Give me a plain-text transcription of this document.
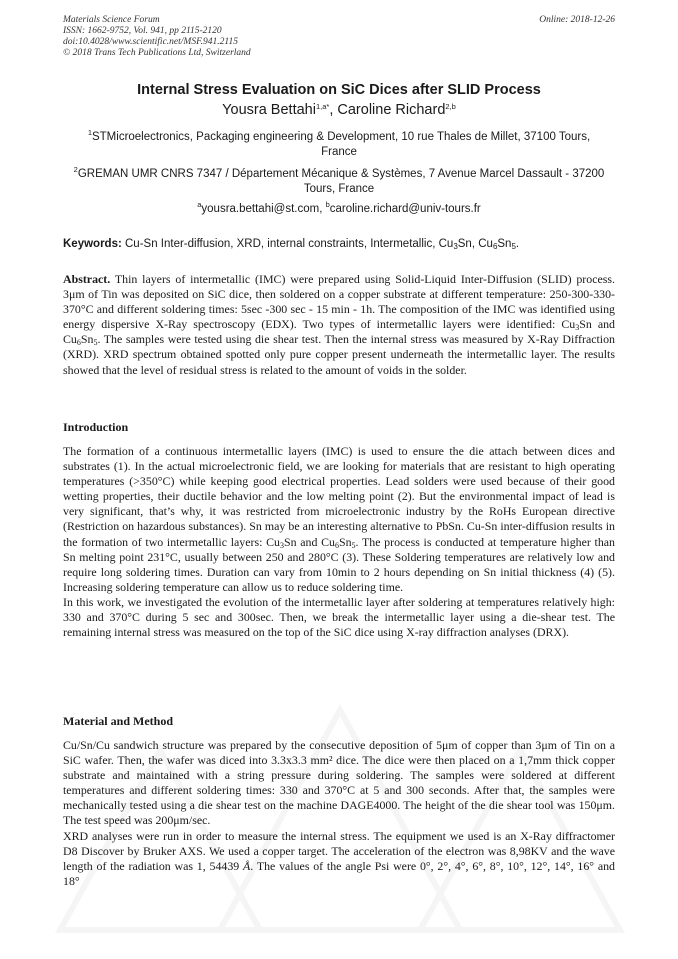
Materials Science Forum
ISSN: 1662-9752, Vol. 941, pp 2115-2120
doi:10.4028/www.scientific.net/MSF.941.2115
© 2018 Trans Tech Publications Ltd, Switzerland
Online: 2018-12-26
Internal Stress Evaluation on SiC Dices after SLID Process
Yousra Bettahi$^{1,a*}$, Caroline Richard$^{2,b}$
$^1$STMicroelectronics, Packaging engineering & Development, 10 rue Thales de Millet, 37100 Tours, France
$^2$GREMAN UMR CNRS 7347 / Département Mécanique & Systèmes, 7 Avenue Marcel Dassault - 37200 Tours, France
$^a$yousra.bettahi@st.com, $^b$caroline.richard@univ-tours.fr
Keywords: Cu-Sn Inter-diffusion, XRD, internal constraints, Intermetallic, $Cu_3Sn$, $Cu_6Sn_5$.

Abstract. Thin layers of intermetallic (IMC) were prepared using Solid-Liquid Inter-Diffusion (SLID) process. 3μm of Tin was deposited on SiC dice, then soldered on a copper substrate at different temperature: 250-300-330-370°C and different soldering times: 5sec -300 sec - 15 min - 1h. The composition of the IMC was identified using energy dispersive X-Ray spectroscopy (EDX). Two types of intermetallic layers were identified: $Cu_3Sn$ and $Cu_6Sn_5$. The samples were tested using die shear test. Then the internal stress was measured by X-Ray Diffraction (XRD). XRD spectrum obtained spotted only pure copper present underneath the intermetallic layer. The results showed that the level of residual stress is related to the amount of voids in the solder.

Introduction

The formation of a continuous intermetallic layers (IMC) is used to ensure the die attach between dices and substrates (1). In the actual microelectronic field, we are looking for materials that are resistant to high operating temperatures (>350°C) while keeping good electrical properties. Lead solders were used because of their good wetting properties, their ductile behavior and the low melting point (2). But the environmental impact of lead is very significant, that’s why, it was restricted from microelectronic industry by the RoHs European directive (Restriction on hazardous substances). Sn may be an interesting alternative to PbSn. Cu-Sn inter-diffusion results in the formation of two intermetallic layers: $Cu_3Sn$ and $Cu_6Sn_5$. The process is conducted at temperature higher than Sn melting point 231°C, usually between 250 and 280°C (3). These Soldering temperatures are relatively low and require long soldering times. Duration can vary from 10min to 2 hours depending on Sn initial thickness (4) (5). Increasing soldering temperature can allow us to reduce soldering time.

In this work, we investigated the evolution of the intermetallic layer after soldering at temperatures relatively high: 330 and 370°C during 5 sec and 300sec. Then, we break the intermetallic layer using a die-shear test. The remaining internal stress was measured on the top of the SiC dice using X-ray diffraction analyses (DRX).

Material and Method

Cu/Sn/Cu sandwich structure was prepared by the consecutive deposition of 5μm of copper than 3μm of Tin on a SiC wafer. Then, the wafer was diced into 3.3x3.3 mm² dice. The dice were then placed on a 1,7mm thick copper substrate and maintained with a string pressure during soldering. The samples were soldered at different temperatures and different soldering times: 330 and 370°C at 5 and 300 seconds. After that, the samples were mechanically tested using a die shear test on the machine DAGE4000. The height of the die shear tool was 150μm. The test speed was 200μm/sec.

XRD analyses were run in order to measure the internal stress. The equipment we used is an X-Ray diffractomer D8 Discover by Bruker AXS. We used a copper target. The acceleration of the electron was 8,98KV and the wave length of the radiation was 1, 54439 Å. The values of the angle Psi were 0°, 2°, 4°, 6°, 8°, 10°, 12°, 14°, 16° and 18°
